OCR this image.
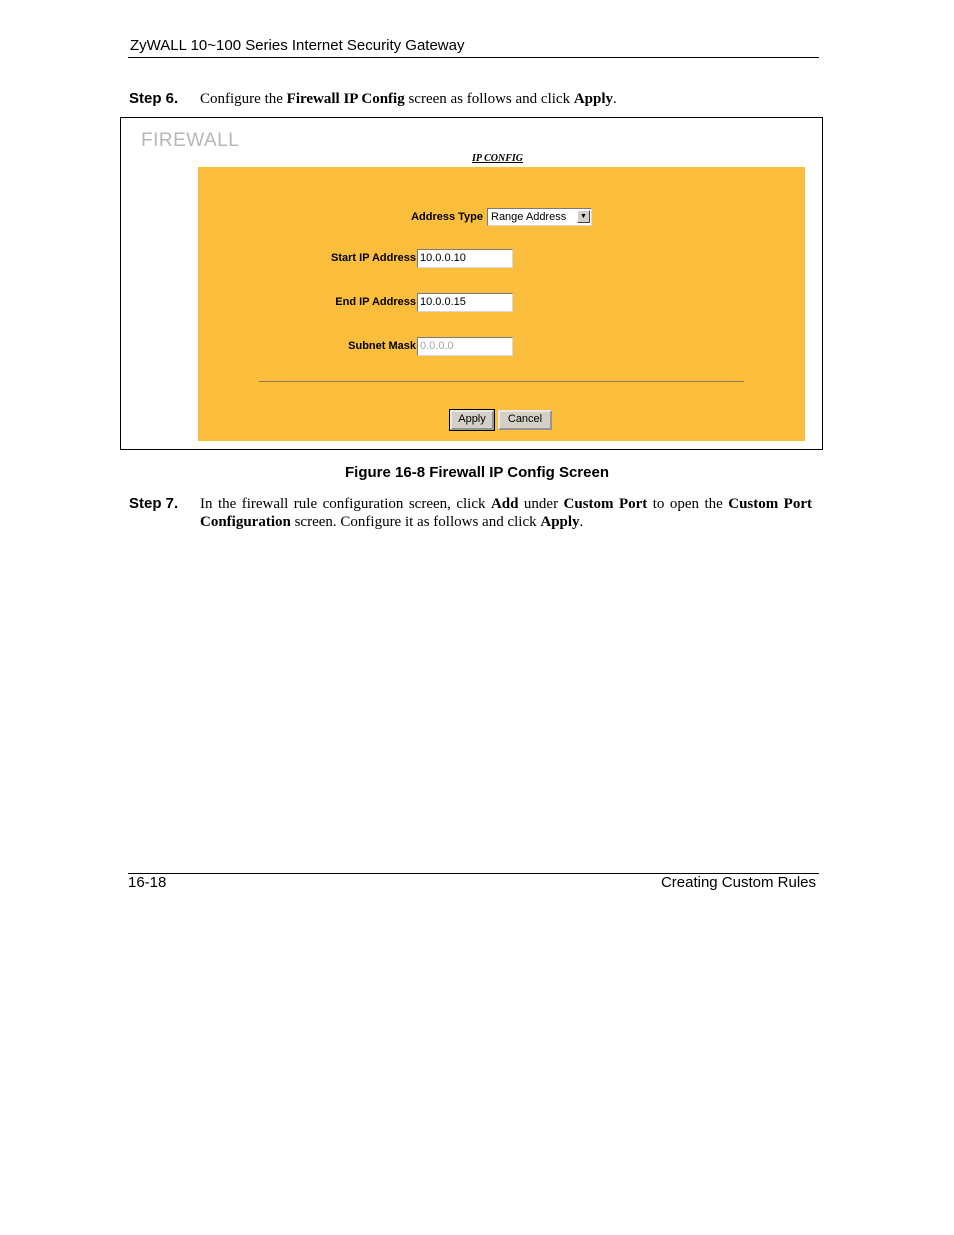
ZyWALL 10~100 Series Internet Security Gateway
Step 6. Configure the Firewall IP Config screen as follows and click Apply.
FIREWALL
IP CONFIG
Address Type Range Address	▼
Start IP Address 10.0.0.10
End IP Address 10.0.0.15
Subnet Mask 0.0.0.0
Apply	Cancel
Figure 16-8 Firewall IP Config Screen
Step 7. In the firewall rule configuration screen, click Add under Custom Port to open the Custom Port Configuration screen. Configure it as follows and click Apply.
16-18	Creating Custom Rules
